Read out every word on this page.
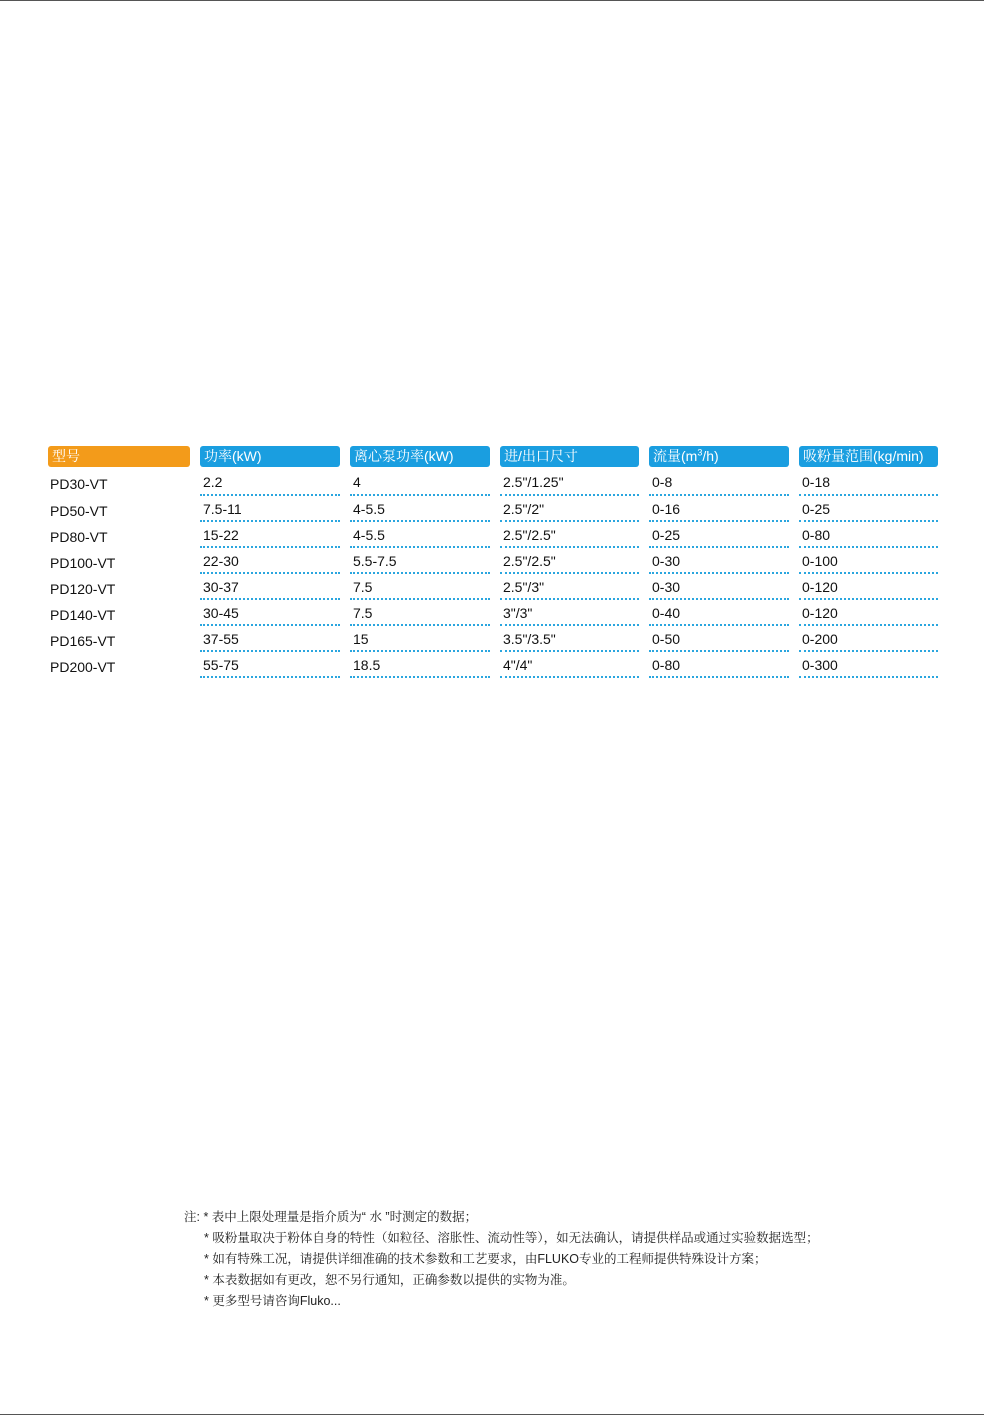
型号	功率(kW)	离心泵功率(kW)	进/出口尺寸	流量$(m^3/h)$	吸粉量范围(kg/min)

PD30-VT	2.2	4	2.5"/1.25"	0-8	0-18

PD50-VT	7.5-11	4-5.5	2.5"/2"	0-16	0-25

PD80-VT	15-22	4-5.5	2.5"/2.5"	0-25	0-80

PD100-VT	22-30	5.5-7.5	2.5"/2.5"	0-30	0-100

PD120-VT	30-37	7.5	2.5"/3"	0-30	0-120

PD140-VT	30-45	7.5	3"/3"	0-40	0-120

PD165-VT	37-55	15	3.5"/3.5"	0-50	0-200

PD200-VT	55-75	18.5	4"/4"	0-80	0-300
注: * 表中上限处理量是指介质为“ 水 ”时测定的数据；
* 吸粉量取决于粉体自身的特性（如粒径、溶胀性、流动性等），如无法确认，请提供样品或通过实验数据选型；
* 如有特殊工况，请提供详细准确的技术参数和工艺要求，由FLUKO专业的工程师提供特殊设计方案；
* 本表数据如有更改，恕不另行通知，正确参数以提供的实物为准。
* 更多型号请咨询Fluko...
